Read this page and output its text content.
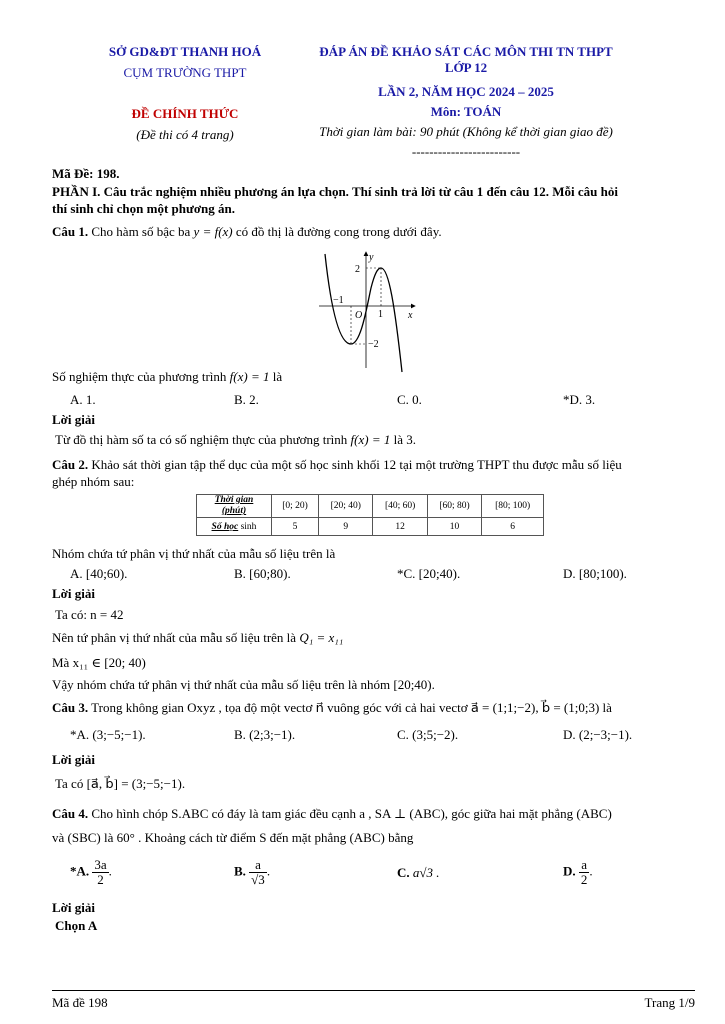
SỞ GD&ĐT THANH HOÁ
CỤM TRƯỜNG THPT
ĐỀ CHÍNH THỨC
(Đề thi có 4 trang)
ĐÁP ÁN ĐỀ KHẢO SÁT CÁC MÔN THI TN THPT
LỚP 12
LẦN 2, NĂM HỌC 2024 – 2025
Môn: TOÁN
Thời gian làm bài: 90 phút (Không kể thời gian giao đề)
-------------------------
Mã Đề: 198.
PHẦN I. Câu trắc nghiệm nhiều phương án lựa chọn. Thí sinh trả lời từ câu 1 đến câu 12. Mỗi câu hỏi
thí sinh chỉ chọn một phương án.
Câu 1. Cho hàm số bậc ba y = f(x) có đồ thị là đường cong trong dưới đây.
y
x
O
2
−1
1
−2
Số nghiệm thực của phương trình f(x) = 1 là
A. 1.	B. 2.	C. 0.	*D. 3.
Lời giải
Từ đồ thị hàm số ta có số nghiệm thực của phương trình f(x) = 1 là 3.
Câu 2. Khảo sát thời gian tập thể dục của một số học sinh khối 12 tại một trường THPT thu được mẫu số liệu
ghép nhóm sau:
Thời gian
(phút)	[0; 20)	[20; 40)	[40; 60)	[60; 80)	[80; 100)
Số học sinh	5	9	12	10	6
Nhóm chứa tứ phân vị thứ nhất của mẫu số liệu trên là
A. [40;60).	B. [60;80).	*C. [20;40).	D. [80;100).
Lời giải
Ta có: n = 42
Nên tứ phân vị thứ nhất của mẫu số liệu trên là Q₁ = x₁₁
Mà x₁₁ ∈ [20; 40)
Vậy nhóm chứa tứ phân vị thứ nhất của mẫu số liệu trên là nhóm [20;40).
Câu 3. Trong không gian Oxyz , tọa độ một vectơ n⃗ vuông góc với cả hai vectơ a⃗ = (1;1;−2), b⃗ = (1;0;3) là
*A. (3;−5;−1).	B. (2;3;−1).	C. (3;5;−2).	D. (2;−3;−1).
Lời giải
Ta có [a⃗, b⃗] = (3;−5;−1).
Câu 4. Cho hình chóp S.ABC có đáy là tam giác đều cạnh a , SA ⊥ (ABC), góc giữa hai mặt phẳng (ABC)
và (SBC) là 60° . Khoảng cách từ điểm S đến mặt phẳng (ABC) bằng
*A. $\frac{3a}{2}$ .	B. $\frac{a}{√3}$ .	C. a√3 .	D. $\frac{a}{2}$ .
Lời giải
Chọn A
Mã đề 198	Trang 1/9
